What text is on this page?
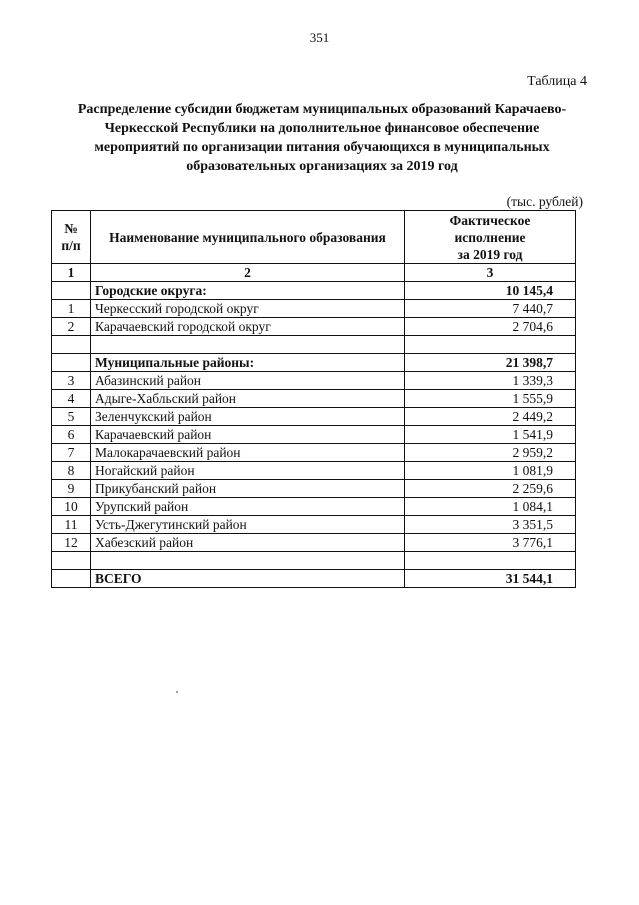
351
Таблица 4
Распределение субсидии бюджетам муниципальных образований Карачаево-
Черкесской Республики на дополнительное финансовое обеспечение
мероприятий по организации питания обучающихся в муниципальных
образовательных организациях за 2019 год
(тыс. рублей)
№
п/п	Наименование муниципального образования	Фактическое
исполнение
за 2019 год
1	2	3
	Городские округа:	10 145,4
1	Черкесский городской округ	7 440,7
2	Карачаевский городской округ	2 704,6

	Муниципальные районы:	21 398,7
3	Абазинский район	1 339,3
4	Адыге-Хабльский район	1 555,9
5	Зеленчукский район	2 449,2
6	Карачаевский район	1 541,9
7	Малокарачаевский район	2 959,2
8	Ногайский район	1 081,9
9	Прикубанский район	2 259,6
10	Урупский район	1 084,1
11	Усть-Джегутинский район	3 351,5
12	Хабезский район	3 776,1

	ВСЕГО	31 544,1
